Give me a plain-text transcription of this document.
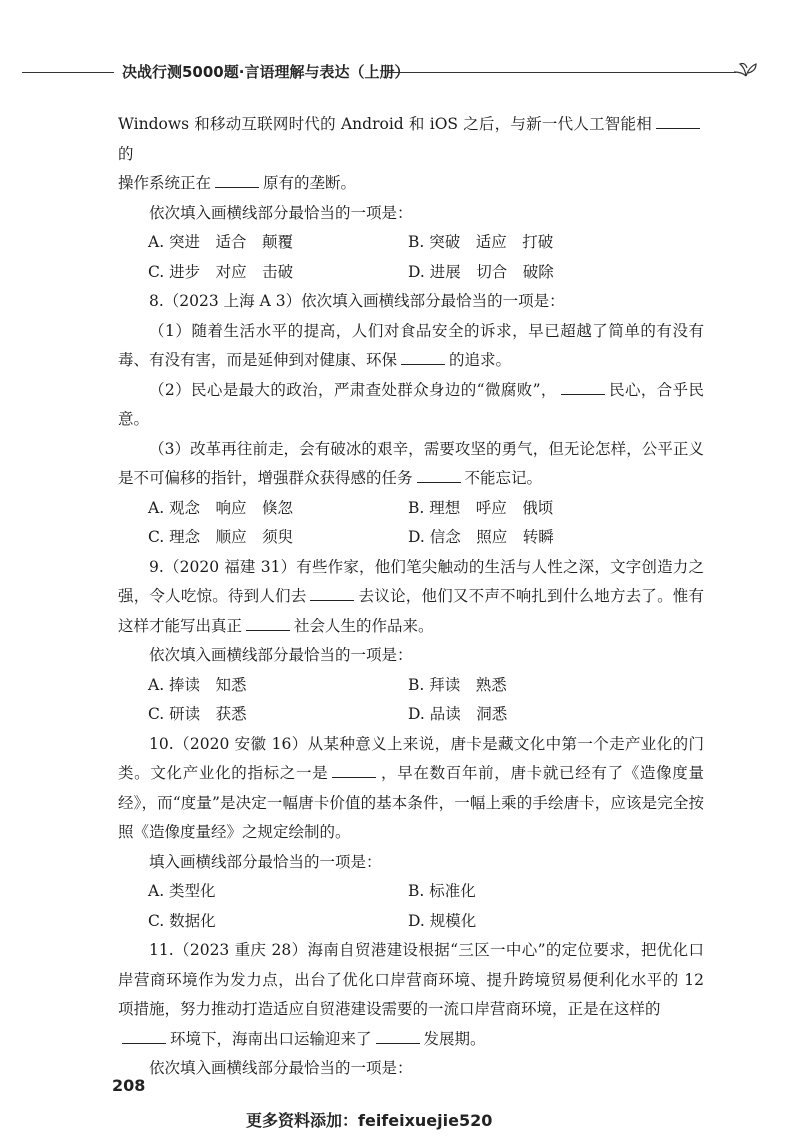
决战行测5000题·言语理解与表达（上册）

Windows 和移动互联网时代的 Android 和 iOS 之后，与新一代人工智能相的
操作系统正在	原有的垄断。

依次填入画横线部分最恰当的一项是：

A. 突进　适合　颠覆	B. 突破　适应　打破
C. 进步　对应　击破	D. 进展　切合　破除

8.（2023 上海 A 3）依次填入画横线部分最恰当的一项是：

（1）随着生活水平的提高，人们对食品安全的诉求，早已超越了简单的有没有毒、有没有害，而是延伸到对健康、环保	的追求。

（2）民心是最大的政治，严肃查处群众身边的“微腐败”，	民心，合乎民意。

（3）改革再往前走，会有破冰的艰辛，需要攻坚的勇气，但无论怎样，公平正义是不可偏移的指针，增强群众获得感的任务	不能忘记。

A. 观念　响应　倏忽	B. 理想　呼应　俄顷
C. 理念　顺应　须臾	D. 信念　照应　转瞬

9.（2020 福建 31）有些作家，他们笔尖触动的生活与人性之深，文字创造力之强，令人吃惊。待到人们去	去议论，他们又不声不响扎到什么地方去了。惟有这样才能写出真正	社会人生的作品来。

依次填入画横线部分最恰当的一项是：

A. 捧读　知悉	B. 拜读　熟悉
C. 研读　获悉	D. 品读　洞悉

10.（2020 安徽 16）从某种意义上来说，唐卡是藏文化中第一个走产业化的门类。文化产业化的指标之一是	，早在数百年前，唐卡就已经有了《造像度量经》，而“度量”是决定一幅唐卡价值的基本条件，一幅上乘的手绘唐卡，应该是完全按照《造像度量经》之规定绘制的。

填入画横线部分最恰当的一项是：

A. 类型化	B. 标准化
C. 数据化	D. 规模化

11.（2023 重庆 28）海南自贸港建设根据“三区一中心”的定位要求，把优化口岸营商环境作为发力点，出台了优化口岸营商环境、提升跨境贸易便利化水平的 12 项措施，努力推动打造适应自贸港建设需要的一流口岸营商环境，正是在这样的
环境下，海南出口运输迎来了	发展期。

依次填入画横线部分最恰当的一项是：

208
更多资料添加：feifeixuejie520
